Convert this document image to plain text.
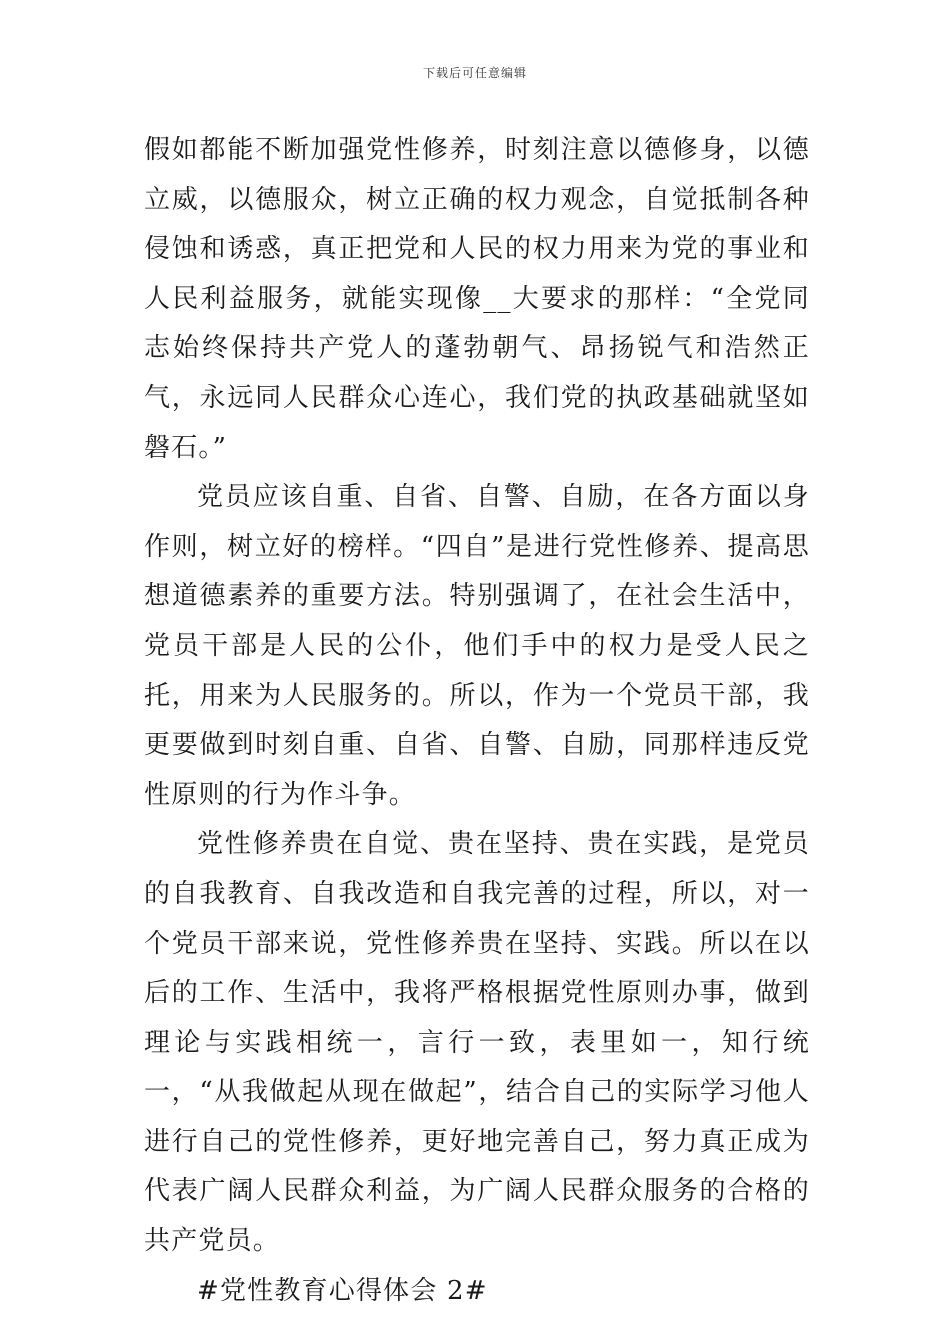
下载后可任意编辑

假如都能不断加强党性修养，时刻注意以德修身，以德立威，以德服众，树立正确的权力观念，自觉抵制各种侵蚀和诱惑，真正把党和人民的权力用来为党的事业和人民利益服务，就能实现像__大要求的那样：“全党同志始终保持共产党人的蓬勃朝气、昂扬锐气和浩然正气，永远同人民群众心连心，我们党的执政基础就坚如磐石。”

党员应该自重、自省、自警、自励，在各方面以身作则，树立好的榜样。“四自”是进行党性修养、提高思想道德素养的重要方法。特别强调了，在社会生活中，党员干部是人民的公仆，他们手中的权力是受人民之托，用来为人民服务的。所以，作为一个党员干部，我更要做到时刻自重、自省、自警、自励，同那样违反党性原则的行为作斗争。

党性修养贵在自觉、贵在坚持、贵在实践，是党员的自我教育、自我改造和自我完善的过程，所以，对一个党员干部来说，党性修养贵在坚持、实践。所以在以后的工作、生活中，我将严格根据党性原则办事，做到理论与实践相统一，言行一致，表里如一，知行统一，“从我做起从现在做起”，结合自己的实际学习他人进行自己的党性修养，更好地完善自己，努力真正成为代表广阔人民群众利益，为广阔人民群众服务的合格的共产党员。

#党性教育心得体会 2#
